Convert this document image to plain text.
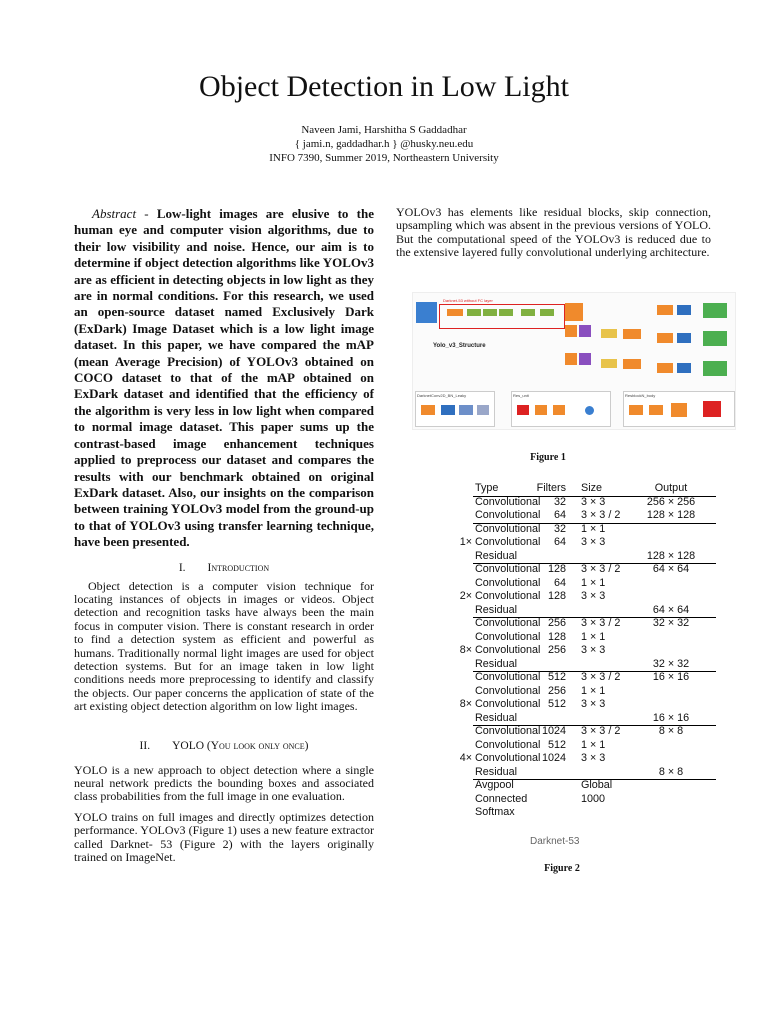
Object Detection in Low Light
Naveen Jami, Harshitha S Gaddadhar
{ jami.n, gaddadhar.h } @husky.neu.edu
INFO 7390, Summer 2019, Northeastern University
Abstract - Low-light images are elusive to the human eye and computer vision algorithms, due to their low visibility and noise. Hence, our aim is to determine if object detection algorithms like YOLOv3 are as efficient in detecting objects in low light as they are in normal conditions. For this research, we used an open-source dataset named Exclusively Dark (ExDark) Image Dataset which is a low light image dataset. In this paper, we have compared the mAP (mean Average Precision) of YOLOv3 obtained on COCO dataset to that of the mAP obtained on ExDark dataset and identified that the efficiency of the algorithm is very less in low light when compared to normal image dataset. This paper sums up the contrast-based image enhancement techniques applied to preprocess our dataset and compares the results with our benchmark obtained on original ExDark dataset. Also, our insights on the comparison between training YOLOv3 model from the ground-up to that of YOLOv3 using transfer learning technique, have been presented.

I. Introduction

Object detection is a computer vision technique for locating instances of objects in images or videos. Object detection and recognition tasks have always been the main focus in computer vision. There is constant research in order to find a detection system as efficient and powerful as humans. Traditionally normal light images are used for object detection systems. But for an image taken in low light conditions needs more preprocessing to identify and classify the objects. Our paper concerns the application of state of the art existing object detection algorithm on low light images.

II. YOLO (You look only once)

YOLO is a new approach to object detection where a single neural network predicts the bounding boxes and associated class probabilities from the full image in one evaluation.

YOLO trains on full images and directly optimizes detection performance. YOLOv3 (Figure 1) uses a new feature extractor called Darknet- 53 (Figure 2) with the layers originally trained on ImageNet.

YOLOv3 has elements like residual blocks, skip connection, upsampling which was absent in the previous versions of YOLO. But the computational speed of the YOLOv3 is reduced due to the extensive layered fully convolutional underlying architecture.

Darknet-53 without FC layer
Yolo_v3_Structure
DarknetConv2D_BN_Leaky	Res_unit	ResblockN_body
Figure 1
Type	Filters Size	Output
Convolutional	32 3 × 3	256 × 256
Convolutional	64 3 × 3 / 2	128 × 128
Convolutional	32 1 × 1
1× Convolutional	64 3 × 3
Residual	128 × 128
Convolutional 128 3 × 3 / 2	64 × 64
Convolutional	64 1 × 1
2× Convolutional 128 3 × 3
Residual	64 × 64
Convolutional 256 3 × 3 / 2	32 × 32
Convolutional 128 1 × 1
8× Convolutional 256 3 × 3
Residual	32 × 32
Convolutional 512 3 × 3 / 2	16 × 16
Convolutional 256 1 × 1
8× Convolutional 512 3 × 3
Residual	16 × 16
Convolutional 1024 3 × 3 / 2	8 × 8
Convolutional 512 1 × 1
4× Convolutional 1024 3 × 3
Residual	8 × 8
Avgpool	Global
Connected	1000
Softmax
Darknet-53
Figure 2
